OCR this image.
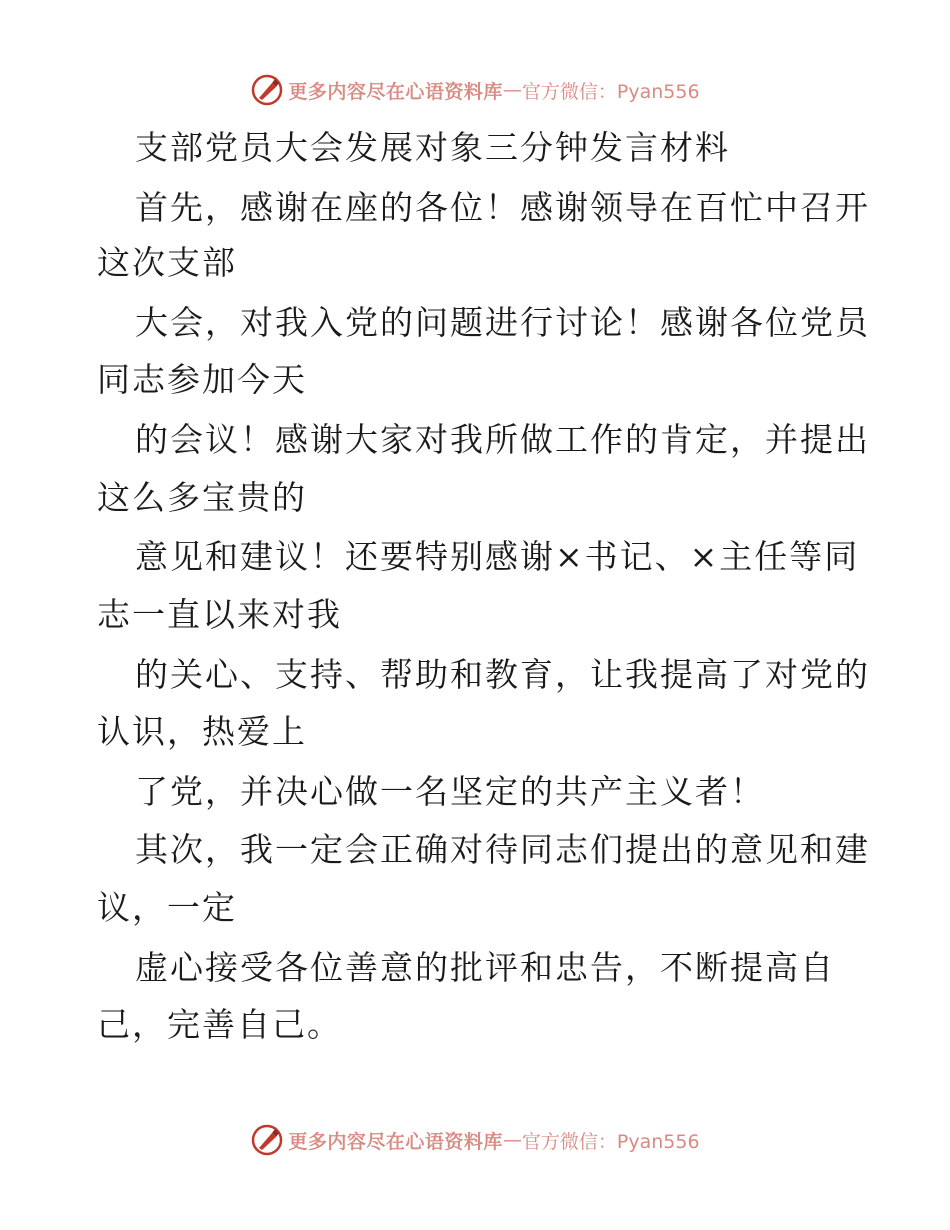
更多内容尽在心语资料库 — 官方微信：Pyan556
支部党员大会发展对象三分钟发言材料
首先，感谢在座的各位！感谢领导在百忙中召开
这次支部
大会，对我入党的问题进行讨论！感谢各位党员
同志参加今天
的会议！感谢大家对我所做工作的肯定，并提出
这么多宝贵的
意见和建议！还要特别感谢×书记、×主任等同
志一直以来对我
的关心、支持、帮助和教育，让我提高了对党的
认识，热爱上
了党，并决心做一名坚定的共产主义者！
其次，我一定会正确对待同志们提出的意见和建
议，一定
虚心接受各位善意的批评和忠告，不断提高自
己，完善自己。
更多内容尽在心语资料库 — 官方微信：Pyan556
